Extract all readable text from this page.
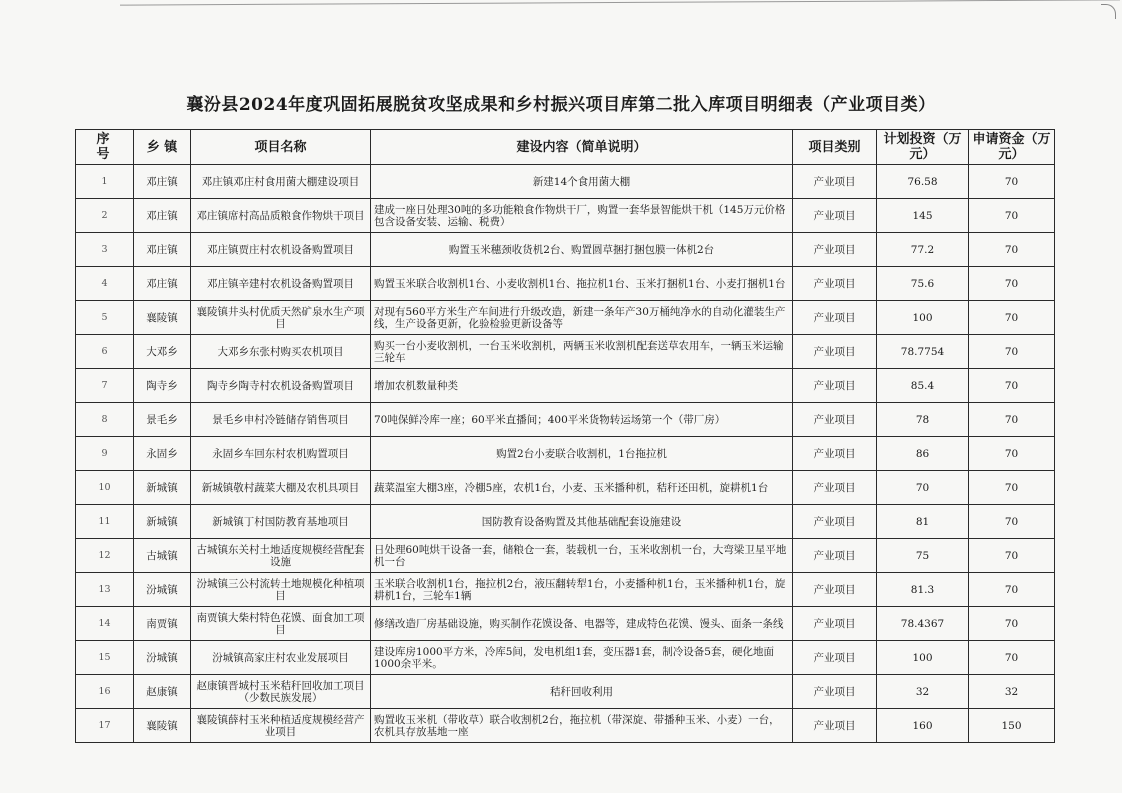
襄汾县2024年度巩固拓展脱贫攻坚成果和乡村振兴项目库第二批入库项目明细表（产业项目类）
序号	乡 镇	项目名称	建设内容（简单说明）	项目类别	计划投资（万元）	申请资金（万元）
1	邓庄镇	邓庄镇邓庄村食用菌大棚建设项目	新建14个食用菌大棚	产业项目	76.58	70
2	邓庄镇	邓庄镇席村高品质粮食作物烘干项目	建成一座日处理30吨的多功能粮食作物烘干厂，购置一套华景智能烘干机（145万元价格包含设备安装、运输、税费）	产业项目	145	70
3	邓庄镇	邓庄镇贾庄村农机设备购置项目	购置玉米穗颈收货机2台、购置圆草捆打捆包膜一体机2台	产业项目	77.2	70
4	邓庄镇	邓庄镇辛建村农机设备购置项目	购置玉米联合收割机1台、小麦收割机1台、拖拉机1台、玉米打捆机1台、小麦打捆机1台	产业项目	75.6	70
5	襄陵镇	襄陵镇井头村优质天然矿泉水生产项目	对现有560平方米生产车间进行升级改造，新建一条年产30万桶纯净水的自动化灌装生产线，生产设备更新，化验检验更新设备等	产业项目	100	70
6	大邓乡	大邓乡东张村购买农机项目	购买一台小麦收割机，一台玉米收割机，两辆玉米收割机配套送草农用车，一辆玉米运输三轮车	产业项目	78.7754	70
7	陶寺乡	陶寺乡陶寺村农机设备购置项目	增加农机数量种类	产业项目	85.4	70
8	景毛乡	景毛乡申村冷链储存销售项目	70吨保鲜冷库一座；60平米直播间；400平米货物转运场第一个（带厂房）	产业项目	78	70
9	永固乡	永固乡车回东村农机购置项目	购置2台小麦联合收割机，1台拖拉机	产业项目	86	70
10	新城镇	新城镇敬村蔬菜大棚及农机具项目	蔬菜温室大棚3座，冷棚5座，农机1台，小麦、玉米播种机，秸秆还田机，旋耕机1台	产业项目	70	70
11	新城镇	新城镇丁村国防教育基地项目	国防教育设备购置及其他基础配套设施建设	产业项目	81	70
12	古城镇	古城镇东关村土地适度规模经营配套设施	日处理60吨烘干设备一套，储粮仓一套，装载机一台，玉米收割机一台，大弯梁卫星平地机一台	产业项目	75	70
13	汾城镇	汾城镇三公村流转土地规模化种植项目	玉米联合收割机1台，拖拉机2台，液压翻转犁1台，小麦播种机1台，玉米播种机1台，旋耕机1台，三轮车1辆	产业项目	81.3	70
14	南贾镇	南贾镇大柴村特色花馍、面食加工项目	修缮改造厂房基础设施，购买制作花馍设备、电器等，建成特色花馍、馒头、面条一条线	产业项目	78.4367	70
15	汾城镇	汾城镇高家庄村农业发展项目	建设库房1000平方米，冷库5间，发电机组1套，变压器1套，制冷设备5套，硬化地面1000余平米。	产业项目	100	70
16	赵康镇	赵康镇晋城村玉米秸秆回收加工项目（少数民族发展）	秸秆回收利用	产业项目	32	32
17	襄陵镇	襄陵镇薛村玉米种植适度规模经营产业项目	购置收玉米机（带收草）联合收割机2台，拖拉机（带深旋、带播种玉米、小麦）一台，农机具存放基地一座	产业项目	160	150
